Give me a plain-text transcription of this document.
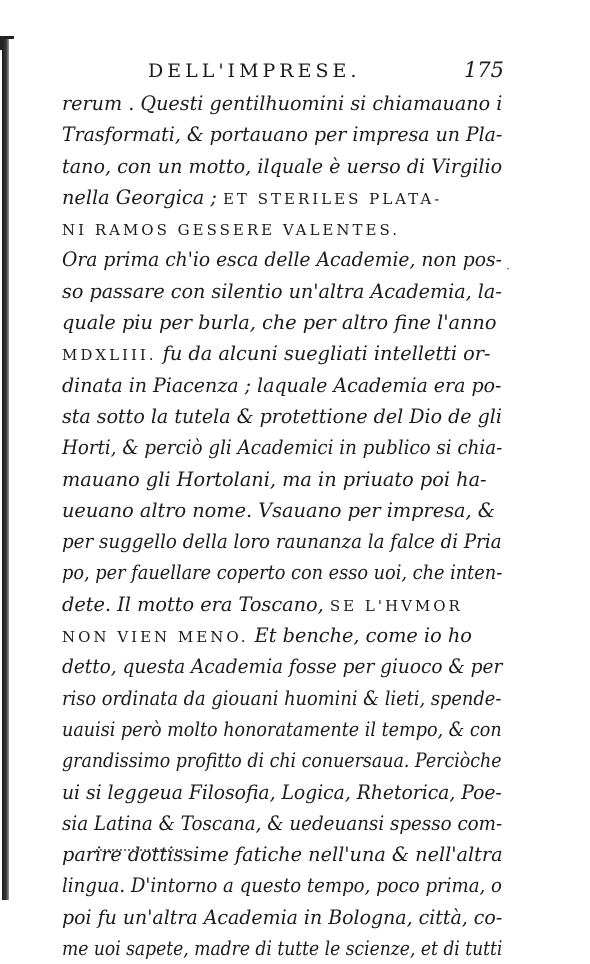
DELL'IMPRESE.	175
rerum . Questi gentilhuomini si chiamauano i
Trasformati, & portauano per impresa un Pla-
tano, con un motto, ilquale è uerso di Virgilio
nella Georgica ; ET STERILES PLATA-
NI RAMOS GESSERE VALENTES.
Ora prima ch'io esca delle Academie, non pos-
so passare con silentio un'altra Academia, la-
quale piu per burla, che per altro fine l'anno
MDXLIII. fu da alcuni suegliati intelletti or-
dinata in Piacenza ; laquale Academia era po-
sta sotto la tutela & protettione del Dio de gli
Horti, & perciò gli Academici in publico si chia-
mauano gli Hortolani, ma in priuato poi ha-
ueuano altro nome. Vsauano per impresa, &
per suggello della loro raunanza la falce di Pria
po, per fauellare coperto con esso uoi, che inten-
dete. Il motto era Toscano, SE L'HVMOR
NON VIEN MENO. Et benche, come io ho
detto, questa Academia fosse per giuoco & per
riso ordinata da giouani huomini & lieti, spende-
uauisi però molto honoratamente il tempo, & con
grandissimo profitto di chi conuersaua. Perciòche
ui si leggeua Filosofia, Logica, Rhetorica, Poe-
sia Latina & Toscana, & uedeuansi spesso com-
parire dottissime fatiche nell'una & nell'altra
lingua. D'intorno a questo tempo, poco prima, o
poi fu un'altra Academia in Bologna, città, co-
me uoi sapete, madre di tutte le scienze, et di tutti
·
